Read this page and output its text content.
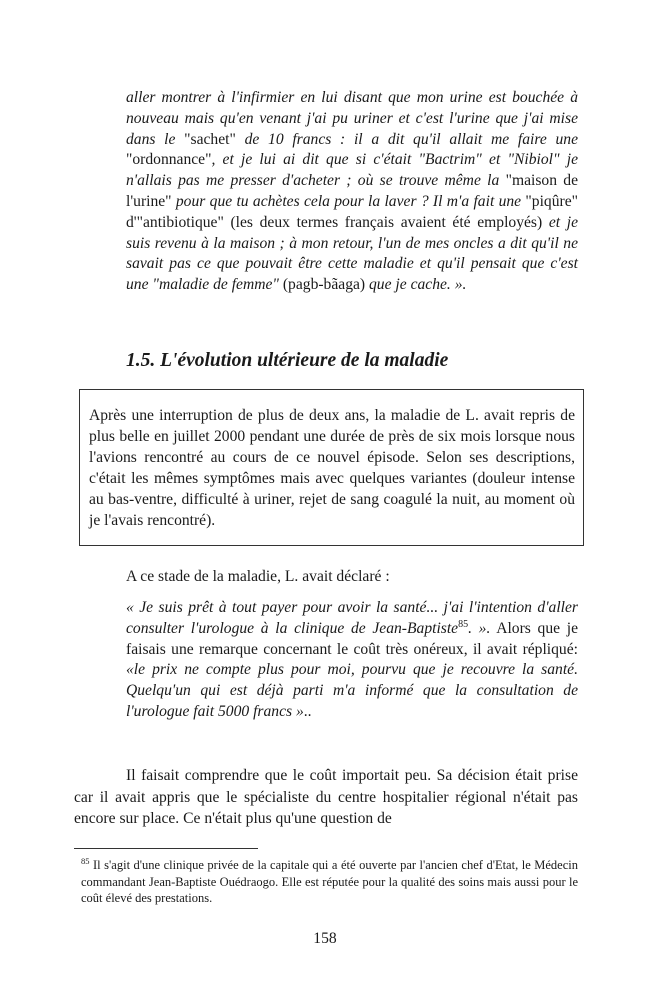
aller montrer à l'infirmier en lui disant que mon urine est bouchée à nouveau mais qu'en venant j'ai pu uriner et c'est l'urine que j'ai mise dans le "sachet" de 10 francs : il a dit qu'il allait me faire une "ordonnance", et je lui ai dit que si c'était "Bactrim" et "Nibiol" je n'allais pas me presser d'acheter ; où se trouve même la "maison de l'urine" pour que tu achètes cela pour la laver ? Il m'a fait une "piqûre" d'"antibiotique" (les deux termes français avaient été employés) et je suis revenu à la maison ; à mon retour, l'un de mes oncles a dit qu'il ne savait pas ce que pouvait être cette maladie et qu'il pensait que c'est une "maladie de femme" (pagb-bãaga) que je cache. ».

1.5. L'évolution ultérieure de la maladie

Après une interruption de plus de deux ans, la maladie de L. avait repris de plus belle en juillet 2000 pendant une durée de près de six mois lorsque nous l'avions rencontré au cours de ce nouvel épisode. Selon ses descriptions, c'était les mêmes symptômes mais avec quelques variantes (douleur intense au bas-ventre, difficulté à uriner, rejet de sang coagulé la nuit, au moment où je l'avais rencontré).

A ce stade de la maladie, L. avait déclaré :

« Je suis prêt à tout payer pour avoir la santé... j'ai l'intention d'aller consulter l'urologue à la clinique de Jean-Baptiste$^{85}$. ». Alors que je faisais une remarque concernant le coût très onéreux, il avait répliqué: «le prix ne compte plus pour moi, pourvu que je recouvre la santé. Quelqu'un qui est déjà parti m'a informé que la consultation de l'urologue fait 5000 francs »..

Il faisait comprendre que le coût importait peu. Sa décision était prise car il avait appris que le spécialiste du centre hospitalier régional n'était pas encore sur place. Ce n'était plus qu'une question de

$^{85}$ Il s'agit d'une clinique privée de la capitale qui a été ouverte par l'ancien chef d'Etat, le Médecin commandant Jean-Baptiste Ouédraogo. Elle est réputée pour la qualité des soins mais aussi pour le coût élevé des prestations.

158
